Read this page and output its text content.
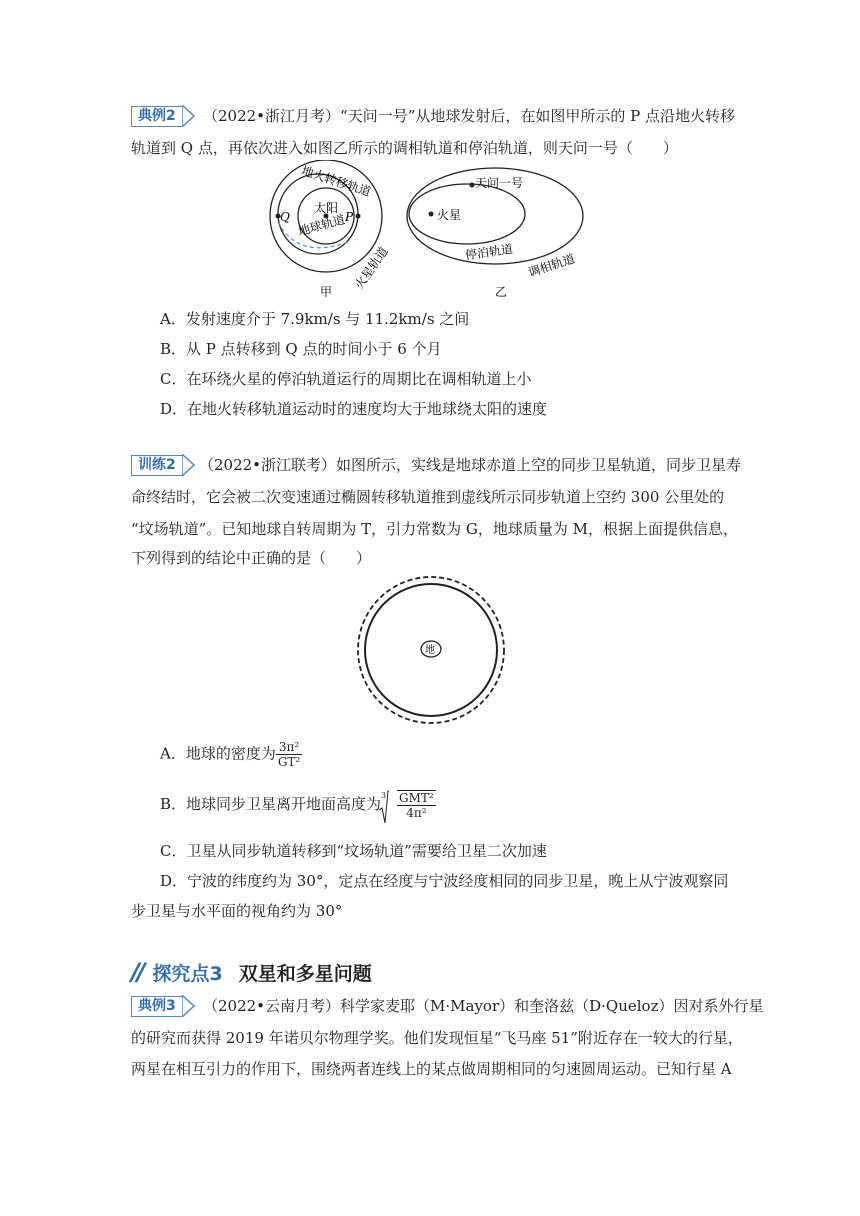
典例2	（2022•浙江月考）“天问一号”从地球发射后，在如图甲所示的 P 点沿地火转移
轨道到 Q 点，再依次进入如图乙所示的调相轨道和停泊轨道，则天问一号（　　）
地火转移轨道
太阳
P
Q 地球轨道
火星轨道
甲
天问一号
火星
停泊轨道 调相轨道
乙
A．发射速度介于 7.9km/s 与 11.2km/s 之间
B．从 P 点转移到 Q 点的时间小于 6 个月
C．在环绕火星的停泊轨道运行的周期比在调相轨道上小
D．在地火转移轨道运动时的速度均大于地球绕太阳的速度
训练2	（2022•浙江联考）如图所示，实线是地球赤道上空的同步卫星轨道，同步卫星寿
命终结时，它会被二次变速通过椭圆转移轨道推到虚线所示同步轨道上空约 300 公里处的
“坟场轨道”。已知地球自转周期为 T，引力常数为 G，地球质量为 M，根据上面提供信息，
下列得到的结论中正确的是（　　）
地
A．地球的密度为 $\frac{\text{3π²}}{\text{GT²}}$
B．地球同步卫星离开地面高度为 $3 \frac{\text{GMT²}}{\text{4π²}}$
C．卫星从同步轨道转移到“坟场轨道”需要给卫星二次加速
D．宁波的纬度约为 30°，定点在经度与宁波经度相同的同步卫星，晚上从宁波观察同
步卫星与水平面的视角约为 30°
// 探究点3 双星和多星问题
典例3	（2022•云南月考）科学家麦耶（M·Mayor）和奎洛兹（D·Queloz）因对系外行星
的研究而获得 2019 年诺贝尔物理学奖。他们发现恒星“飞马座 51”附近存在一较大的行星，
两星在相互引力的作用下，围绕两者连线上的某点做周期相同的匀速圆周运动。已知行星 A
